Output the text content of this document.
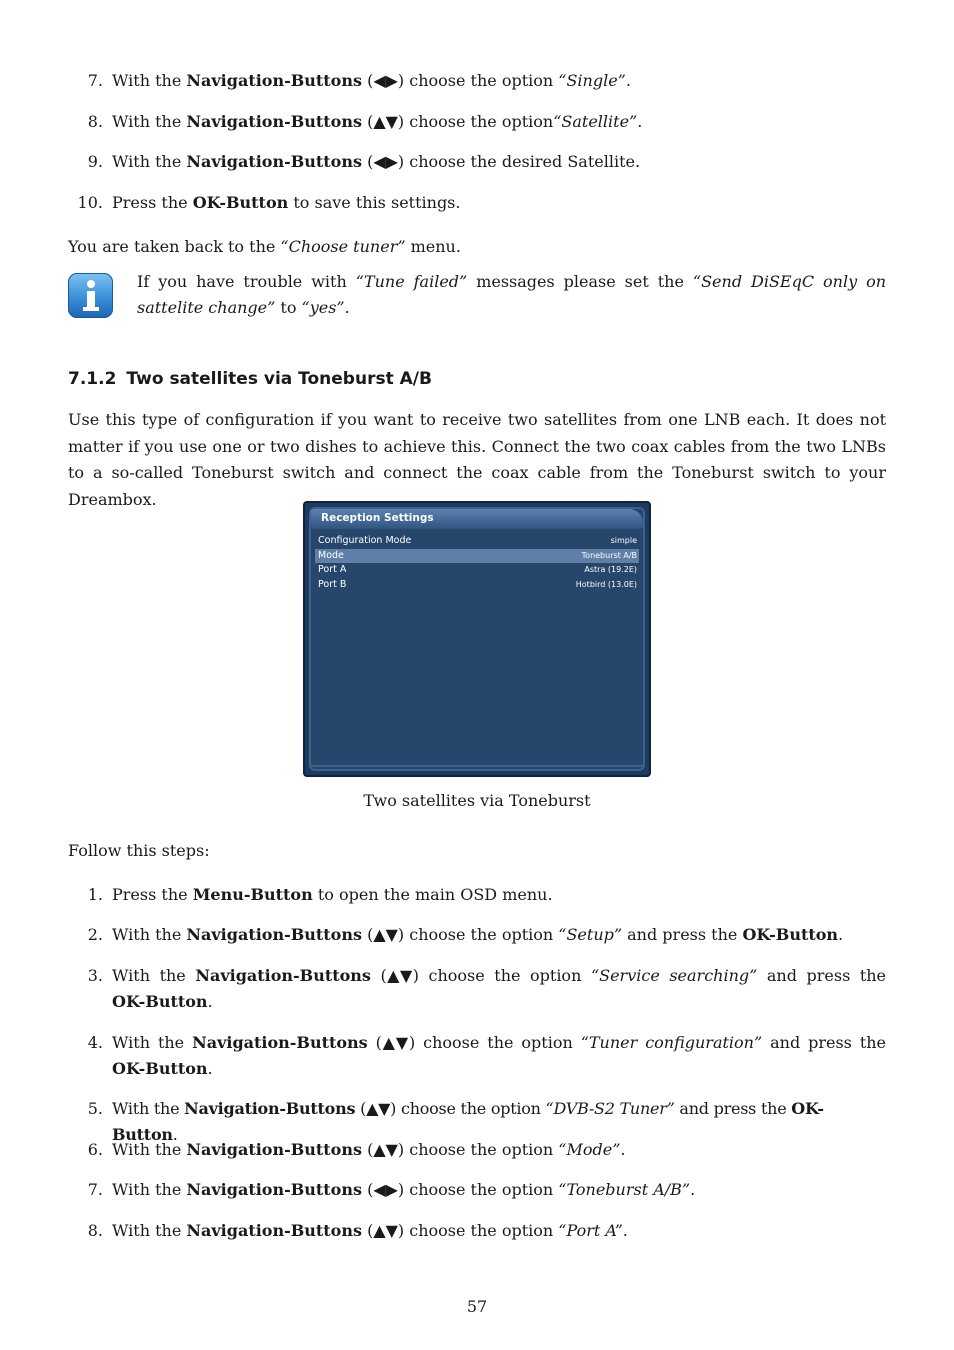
7. With the Navigation-Buttons (◀▶) choose the option “Single”.
8. With the Navigation-Buttons (▲▼) choose the option“Satellite”.
9. With the Navigation-Buttons (◀▶) choose the desired Satellite.
10. Press the OK-Button to save this settings.
You are taken back to the “Choose tuner” menu.
If you have trouble with “Tune failed” messages please set the “Send DiSEqC only on sattelite change” to “yes”.
7.1.2 Two satellites via Toneburst A/B
Use this type of configuration if you want to receive two satellites from one LNB each. It does not matter if you use one or two dishes to achieve this. Connect the two coax cables from the two LNBs to a so-called Toneburst switch and connect the coax cable from the Toneburst switch to your Dreambox.
Reception Settings
Configuration Mode	simple
Mode	Toneburst A/B
Port A	Astra (19.2E)
Port B	Hotbird (13.0E)
Two satellites via Toneburst
Follow this steps:
1. Press the Menu-Button to open the main OSD menu.
2. With the Navigation-Buttons (▲▼) choose the option “Setup” and press the OK-Button.
3. With the Navigation-Buttons (▲▼) choose the option “Service searching” and press the OK-Button.
4. With the Navigation-Buttons (▲▼) choose the option “Tuner configuration” and press the OK-Button.
5. With the Navigation-Buttons (▲▼) choose the option “DVB-S2 Tuner” and press the OK-Button.
6. With the Navigation-Buttons (▲▼) choose the option “Mode”.
7. With the Navigation-Buttons (◀▶) choose the option “Toneburst A/B”.
8. With the Navigation-Buttons (▲▼) choose the option “Port A”.
57
